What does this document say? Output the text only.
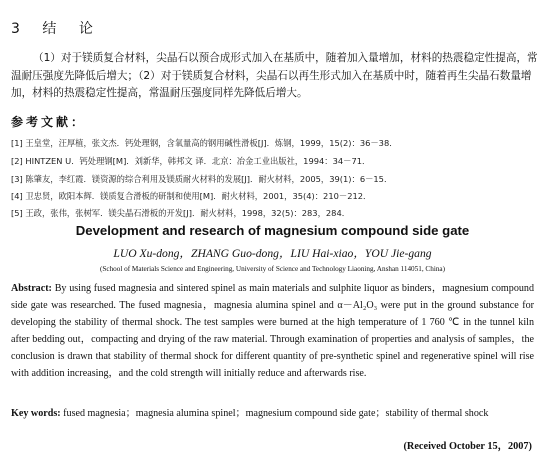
3 结 论
（1）对于镁质复合材料，尖晶石以预合成形式加入在基质中，随着加入量增加，材料的热震稳定性提高，常温耐压强度先降低后增大；（2）对于镁质复合材料，尖晶石以再生形式加入在基质中时，随着再生尖晶石数量增加，材料的热震稳定性提高，常温耐压强度同样先降低后增大。
参考文献：
[1] 王皇堂，汪厚植，张文杰．钙处理钢，含氧量高的钢用碱性滑板[J]．炼钢，1999，15(2)：36－38．
[2] HINTZEN U．钙处理钢[M]．刘新华，韩邦文 译．北京：冶金工业出版社，1994：34－71．
[3] 陈肇友，李红霞．镁资源的综合利用及镁质耐火材料的发展[J]．耐火材料，2005，39(1)：6－15．
[4] 卫忠贤，欧阳本辉．镁质复合滑板的研制和使用[M]．耐火材料，2001，35(4)：210－212．
[5] 王政，张伟，张树军．镁尖晶石滑板的开发[J]．耐火材料，1998，32(5)：283，284．
Development and research of magnesium compound side gate
LUO Xu-dong，ZHANG Guo-dong，LIU Hai-xiao，YOU Jie-gang
(School of Materials Science and Engineering, University of Science and Technology Liaoning, Anshan 114051, China)
Abstract: By using fused magnesia and sintered spinel as main materials and sulphite liquor as binders，magnesium compound side gate was researched. The fused magnesia，magnesia alumina spinel and α－Al₂O₃ were put in the ground substance for developing the stability of thermal shock. The test samples were burned at the high temperature of 1 760 ℃ in the tunnel kiln after bedding out，compacting and drying of the raw material. Through examination of properties and analysis of samples，the conclusion is drawn that stability of thermal shock for different quantity of pre-synthetic spinel and regenerative spinel will rise with addition increasing，and the cold strength will initially reduce and afterwards rise.
Key words: fused magnesia；magnesia alumina spinel；magnesium compound side gate；stability of thermal shock
(Received October 15，2007)
